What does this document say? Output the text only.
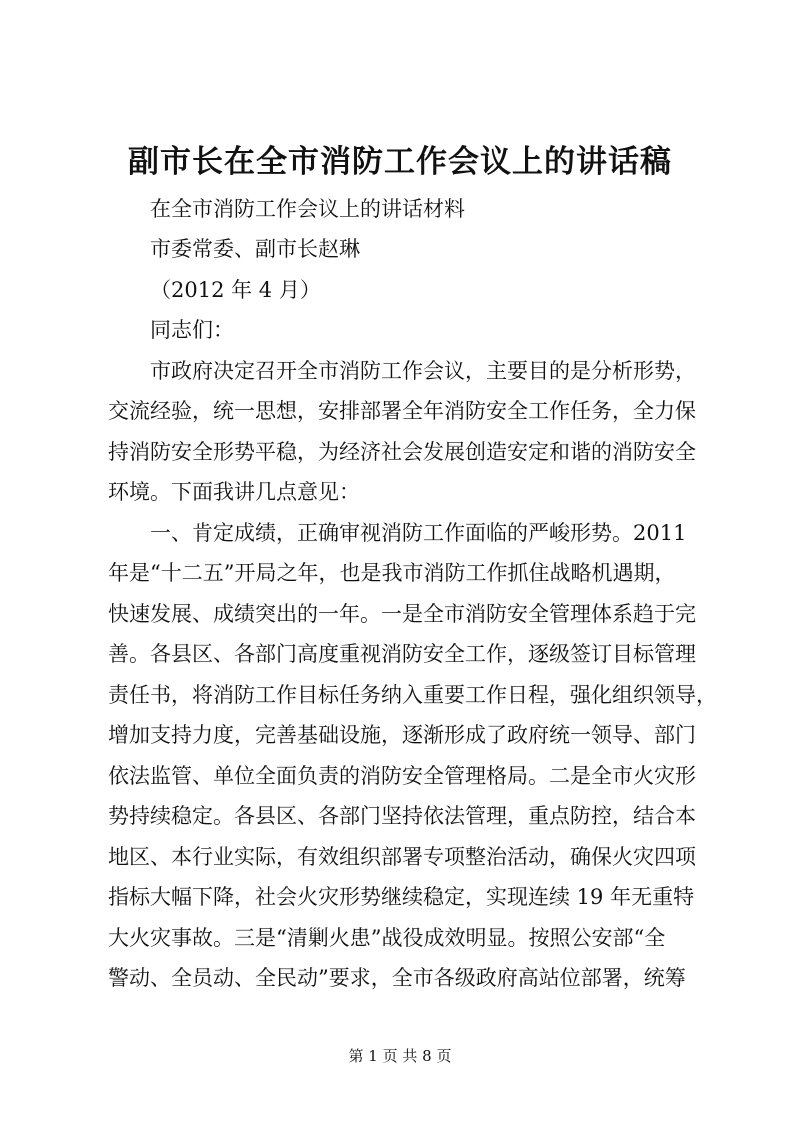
副市长在全市消防工作会议上的讲话稿
在全市消防工作会议上的讲话材料
市委常委、副市长赵琳
（2012 年 4 月）
同志们：
市政府决定召开全市消防工作会议，主要目的是分析形势，
交流经验，统一思想，安排部署全年消防安全工作任务，全力保
持消防安全形势平稳，为经济社会发展创造安定和谐的消防安全
环境。下面我讲几点意见：
一、肯定成绩，正确审视消防工作面临的严峻形势。2011
年是“十二五”开局之年，也是我市消防工作抓住战略机遇期，
快速发展、成绩突出的一年。一是全市消防安全管理体系趋于完
善。各县区、各部门高度重视消防安全工作，逐级签订目标管理
责任书，将消防工作目标任务纳入重要工作日程，强化组织领导，
增加支持力度，完善基础设施，逐渐形成了政府统一领导、部门
依法监管、单位全面负责的消防安全管理格局。二是全市火灾形
势持续稳定。各县区、各部门坚持依法管理，重点防控，结合本
地区、本行业实际，有效组织部署专项整治活动，确保火灾四项
指标大幅下降，社会火灾形势继续稳定，实现连续 19 年无重特
大火灾事故。三是“清剿火患”战役成效明显。按照公安部“全
警动、全员动、全民动”要求，全市各级政府高站位部署，统筹
第 1 页 共 8 页
